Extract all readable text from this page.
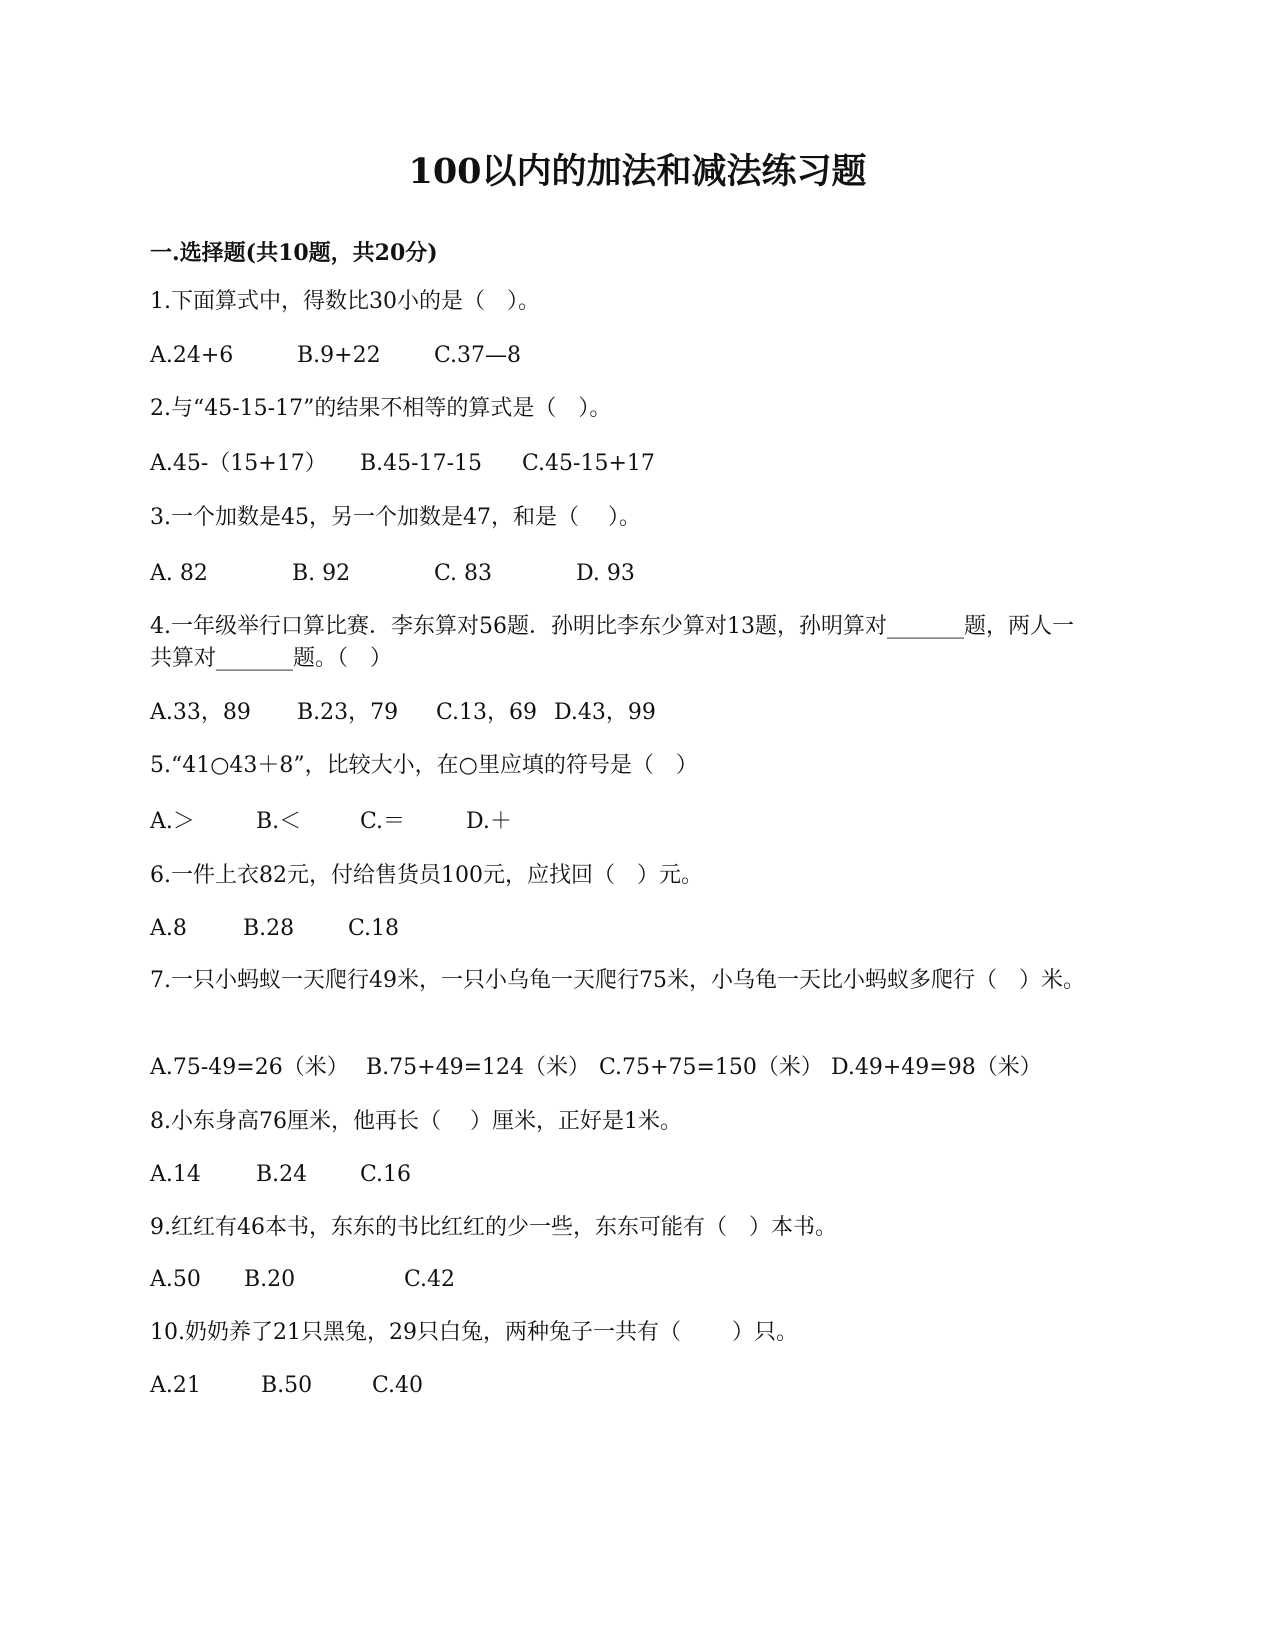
100以内的加法和减法练习题
一.选择题(共10题，共20分)
1.下面算式中，得数比30小的是（　）。
A.24+6	B.9+22 C.37—8
2.与“45-15-17”的结果不相等的算式是（　）。
A.45-（15+17） B.45-17-15 C.45-15+17
3.一个加数是45，另一个加数是47，和是（　 ）。
A. 82	B. 92	C. 83	D. 93
4.一年级举行口算比赛．李东算对56题．孙明比李东少算对13题，孙明算对_______题，两人一共算对_______题。（　）
A.33，89 B.23，79 C.13，69 D.43，99
5.“41○43＋8”，比较大小，在○里应填的符号是（　）
A.＞	B.＜	C.＝	D.＋
6.一件上衣82元，付给售货员100元，应找回（　）元。
A.8	B.28 C.18
7.一只小蚂蚁一天爬行49米，一只小乌龟一天爬行75米，小乌龟一天比小蚂蚁多爬行（　）米。
A.75-49=26（米） B.75+49=124（米） C.75+75=150（米） D.49+49=98（米）
8.小东身高76厘米，他再长（　 ）厘米，正好是1米。
A.14	B.24 C.16
9.红红有46本书，东东的书比红红的少一些，东东可能有（　）本书。
A.50 B.20	C.42
10.奶奶养了21只黑兔，29只白兔，两种兔子一共有（　　 ）只。
A.21	B.50	C.40
